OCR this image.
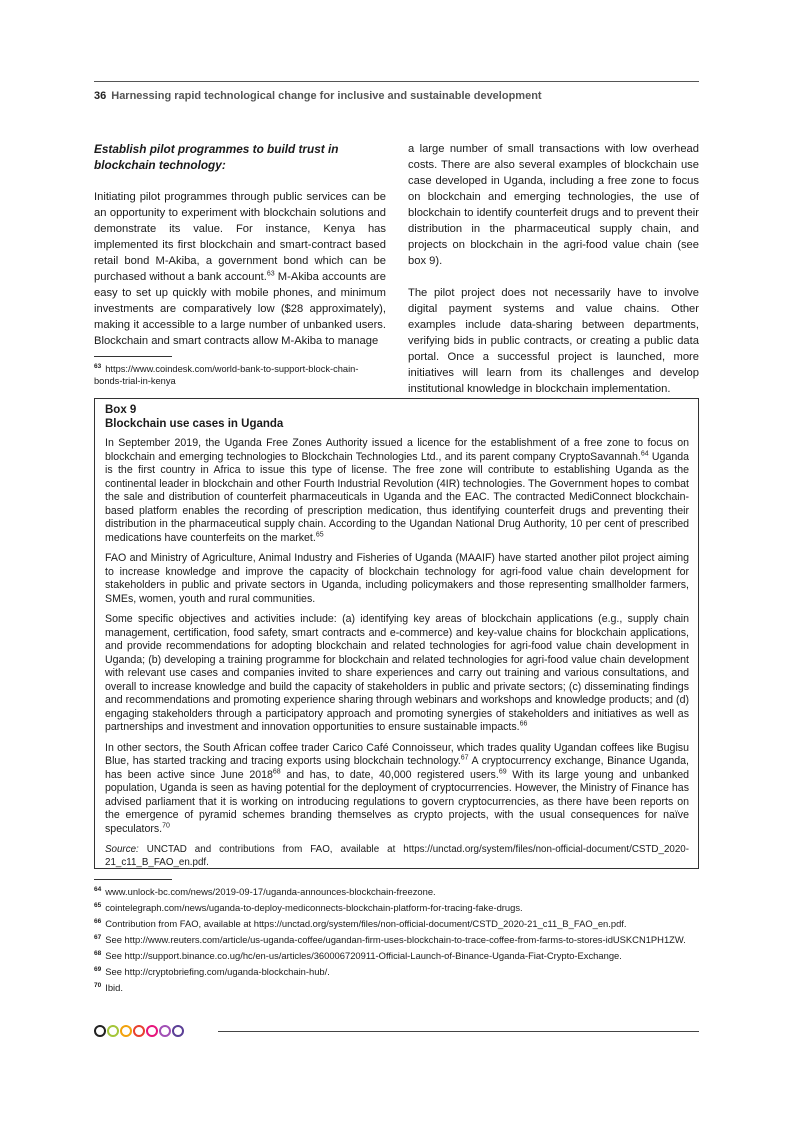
36 Harnessing rapid technological change for inclusive and sustainable development

Establish pilot programmes to build trust in blockchain technology:

Initiating pilot programmes through public services can be an opportunity to experiment with blockchain solutions and demonstrate its value. For instance, Kenya has implemented its first blockchain and smart-contract based retail bond M-Akiba, a government bond which can be purchased without a bank account.$^{63}$ M-Akiba accounts are easy to set up quickly with mobile phones, and minimum investments are comparatively low ($28 approximately), making it accessible to a large number of unbanked users. Blockchain and smart contracts allow M-Akiba to manage

$^{63}$ https://www.coindesk.com/world-bank-to-support-block-chain-bonds-trial-in-kenya

a large number of small transactions with low overhead costs. There are also several examples of blockchain use case developed in Uganda, including a free zone to focus on blockchain and emerging technologies, the use of blockchain to identify counterfeit drugs and to prevent their distribution in the pharmaceutical supply chain, and projects on blockchain in the agri-food value chain (see box 9).

The pilot project does not necessarily have to involve digital payment systems and value chains. Other examples include data-sharing between departments, verifying bids in public contracts, or creating a public data portal. Once a successful project is launched, more initiatives will learn from its challenges and develop institutional knowledge in blockchain implementation.

Box 9
Blockchain use cases in Uganda

In September 2019, the Uganda Free Zones Authority issued a licence for the establishment of a free zone to focus on blockchain and emerging technologies to Blockchain Technologies Ltd., and its parent company CryptoSavannah.$^{64}$ Uganda is the first country in Africa to issue this type of license. The free zone will contribute to establishing Uganda as the continental leader in blockchain and other Fourth Industrial Revolution (4IR) technologies. The Government hopes to combat the sale and distribution of counterfeit pharmaceuticals in Uganda and the EAC. The contracted MediConnect blockchain-based platform enables the recording of prescription medication, thus identifying counterfeit drugs and preventing their distribution in the pharmaceutical supply chain. According to the Ugandan National Drug Authority, 10 per cent of prescribed medications have counterfeits on the market.$^{65}$

FAO and Ministry of Agriculture, Animal Industry and Fisheries of Uganda (MAAIF) have started another pilot project aiming to increase knowledge and improve the capacity of blockchain technology for agri-food value chain development for stakeholders in public and private sectors in Uganda, including policymakers and those representing smallholder farmers, SMEs, women, youth and rural communities.

Some specific objectives and activities include: (a) identifying key areas of blockchain applications (e.g., supply chain management, certification, food safety, smart contracts and e-commerce) and key-value chains for blockchain applications, and provide recommendations for adopting blockchain and related technologies for agri-food value chain development in Uganda; (b) developing a training programme for blockchain and related technologies for agri-food value chain development with relevant use cases and companies invited to share experiences and carry out training and various consultations, and overall to increase knowledge and build the capacity of stakeholders in public and private sectors; (c) disseminating findings and recommendations and promoting experience sharing through webinars and workshops and knowledge products; and (d) engaging stakeholders through a participatory approach and promoting synergies of stakeholders and initiatives as well as partnerships and investment and innovation opportunities to ensure sustainable impacts.$^{66}$

In other sectors, the South African coffee trader Carico Café Connoisseur, which trades quality Ugandan coffees like Bugisu Blue, has started tracking and tracing exports using blockchain technology.$^{67}$ A cryptocurrency exchange, Binance Uganda, has been active since June 2018$^{68}$ and has, to date, 40,000 registered users.$^{69}$ With its large young and unbanked population, Uganda is seen as having potential for the deployment of cryptocurrencies. However, the Ministry of Finance has advised parliament that it is working on introducing regulations to govern cryptocurrencies, as there have been reports on the emergence of pyramid schemes branding themselves as crypto projects, with the usual consequences for naïve speculators.$^{70}$

Source: UNCTAD and contributions from FAO, available at https://unctad.org/system/files/non-official-document/CSTD_2020-21_c11_B_FAO_en.pdf.

$^{64}$ www.unlock-bc.com/news/2019-09-17/uganda-announces-blockchain-freezone.
$^{65}$ cointelegraph.com/news/uganda-to-deploy-mediconnects-blockchain-platform-for-tracing-fake-drugs.
$^{66}$ Contribution from FAO, available at https://unctad.org/system/files/non-official-document/CSTD_2020-21_c11_B_FAO_en.pdf.
$^{67}$ See http://www.reuters.com/article/us-uganda-coffee/ugandan-firm-uses-blockchain-to-trace-coffee-from-farms-to-stores-idUSKCN1PH1ZW.
$^{68}$ See http://support.binance.co.ug/hc/en-us/articles/360006720911-Official-Launch-of-Binance-Uganda-Fiat-Crypto-Exchange.
$^{69}$ See http://cryptobriefing.com/uganda-blockchain-hub/.
$^{70}$ Ibid.
